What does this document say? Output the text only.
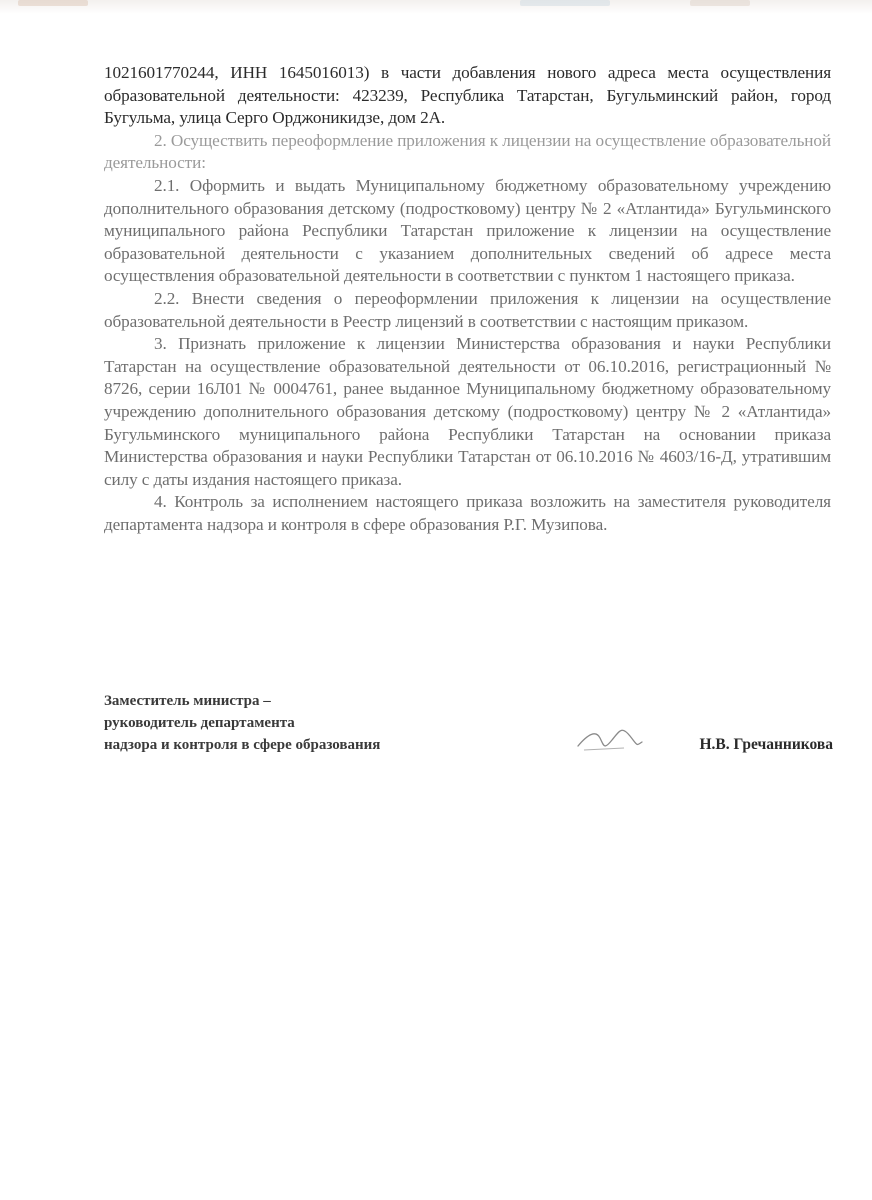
1021601770244, ИНН 1645016013) в части добавления нового адреса места осуществления образовательной деятельности: 423239, Республика Татарстан, Бугульминский район, город Бугульма, улица Серго Орджоникидзе, дом 2А.

2. Осуществить переоформление приложения к лицензии на осуществление образовательной деятельности:

2.1. Оформить и выдать Муниципальному бюджетному образовательному учреждению дополнительного образования детскому (подростковому) центру № 2 «Атлантида» Бугульминского муниципального района Республики Татарстан приложение к лицензии на осуществление образовательной деятельности с указанием дополнительных сведений об адресе места осуществления образовательной деятельности в соответствии с пунктом 1 настоящего приказа.

2.2. Внести сведения о переоформлении приложения к лицензии на осуществление образовательной деятельности в Реестр лицензий в соответствии с настоящим приказом.

3. Признать приложение к лицензии Министерства образования и науки Республики Татарстан на осуществление образовательной деятельности от 06.10.2016, регистрационный № 8726, серии 16Л01 № 0004761, ранее выданное Муниципальному бюджетному образовательному учреждению дополнительного образования детскому (подростковому) центру № 2 «Атлантида» Бугульминского муниципального района Республики Татарстан на основании приказа Министерства образования и науки Республики Татарстан от 06.10.2016 № 4603/16-Д, утратившим силу с даты издания настоящего приказа.

4. Контроль за исполнением настоящего приказа возложить на заместителя руководителя департамента надзора и контроля в сфере образования Р.Г. Музипова.

Заместитель министра –
руководитель департамента
надзора и контроля в сфере образования	Н.В. Гречанникова
